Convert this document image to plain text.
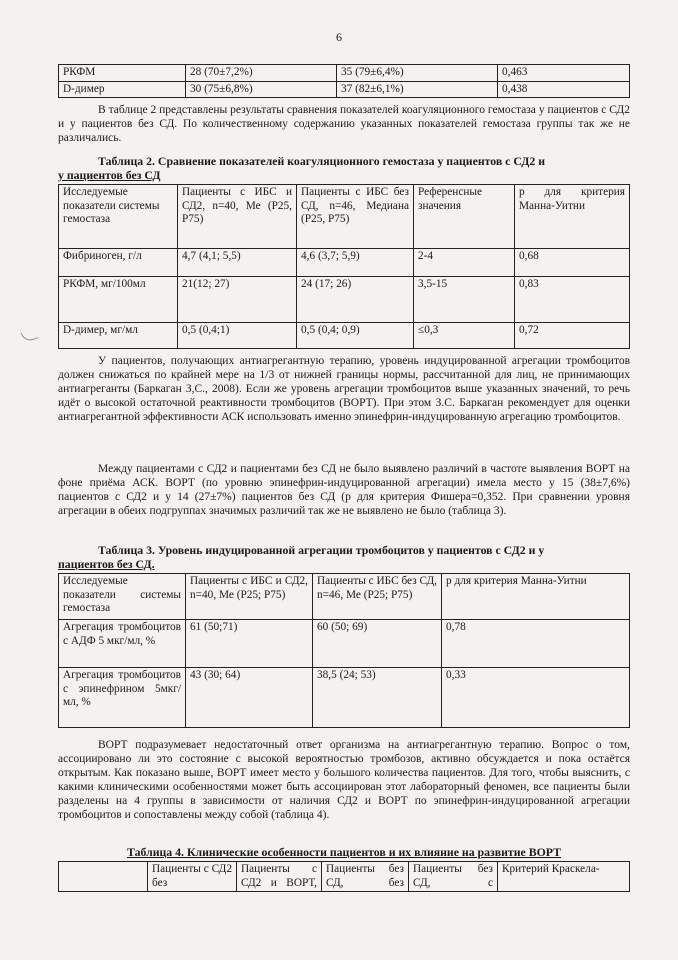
6
РКФМ	28 (70±7,2%)	35 (79±6,4%)	0,463
D-димер	30 (75±6,8%)	37 (82±6,1%)	0,438

В таблице 2 представлены результаты сравнения показателей коагуляционного гемостаза у пациентов с СД2 и у пациентов без СД. По количественному содержанию указанных показателей гемостаза группы так же не различались.

Таблица 2. Сравнение показателей коагуляционного гемостаза у пациентов с СД2 и

у пациентов без СД

Исследуемые показатели системы гемостаза	Пациенты с ИБС и СД2, n=40, Ме (Р25, Р75)	Пациенты с ИБС без СД, n=46, Медиана (Р25, Р75)	Референсные значения	р для критерия Манна-Уитни
Фибриноген, г/л	4,7 (4,1; 5,5)	4,6 (3,7; 5,9)	2-4	0,68
РКФМ, мг/100мл	21(12; 27)	24 (17; 26)	3,5-15	0,83
D-димер, мг/мл	0,5 (0,4;1)	0,5 (0,4; 0,9)	≤0,3	0,72

У пациентов, получающих антиагрегантную терапию, уровень индуцированной агрегации тромбоцитов должен снижаться по крайней мере на 1/3 от нижней границы нормы, рассчитанной для лиц, не принимающих антиагреганты (Баркаган З,С., 2008). Если же уровень агрегации тромбоцитов выше указанных значений, то речь идёт о высокой остаточной реактивности тромбоцитов (ВОРТ). При этом З.С. Баркаган рекомендует для оценки антиагрегантной эффективности АСК использовать именно эпинефрин-индуцированную агрегацию тромбоцитов.

Между пациентами с СД2 и пациентами без СД не было выявлено различий в частоте выявления ВОРТ на фоне приёма АСК. ВОРТ (по уровню эпинефрин-индуцированной агрегации) имела место у 15 (38±7,6%) пациентов с СД2 и у 14 (27±7%) пациентов без СД (р для критерия Фишера=0,352. При сравнении уровня агрегации в обеих подгруппах значимых различий так же не выявлено не было (таблица 3).

Таблица 3. Уровень индуцированной агрегации тромбоцитов у пациентов с СД2 и у

пациентов без СД.

Исследуемые показатели системы гемостаза	Пациенты с ИБС и СД2, n=40, Ме (Р25; Р75)	Пациенты с ИБС без СД, n=46, Ме (Р25; Р75)	р для критерия Манна-Уитни
Агрегация тромбоцитов с АДФ 5 мкг/мл, %	61 (50;71)	60 (50; 69)	0,78
Агрегация тромбоцитов с эпинефрином 5мкг/мл, %	43 (30; 64)	38,5 (24; 53)	0,33

ВОРТ подразумевает недостаточный ответ организма на антиагрегантную терапию. Вопрос о том, ассоциировано ли это состояние с высокой вероятностью тромбозов, активно обсуждается и пока остаётся открытым. Как показано выше, ВОРТ имеет место у большого количества пациентов. Для того, чтобы выяснить, с какими клиническими особенностями может быть ассоциирован этот лабораторный феномен, все пациенты были разделены на 4 группы в зависимости от наличия СД2 и ВОРТ по эпинефрин-индуцированной агрегации тромбоцитов и сопоставлены между собой (таблица 4).

Таблица 4. Клинические особенности пациентов и их влияние на развитие ВОРТ

	Пациенты с СД2 без	Пациенты с СД2 и ВОРТ,	Пациенты без СД, без	Пациенты без СД, с	Критерий Краскела-
